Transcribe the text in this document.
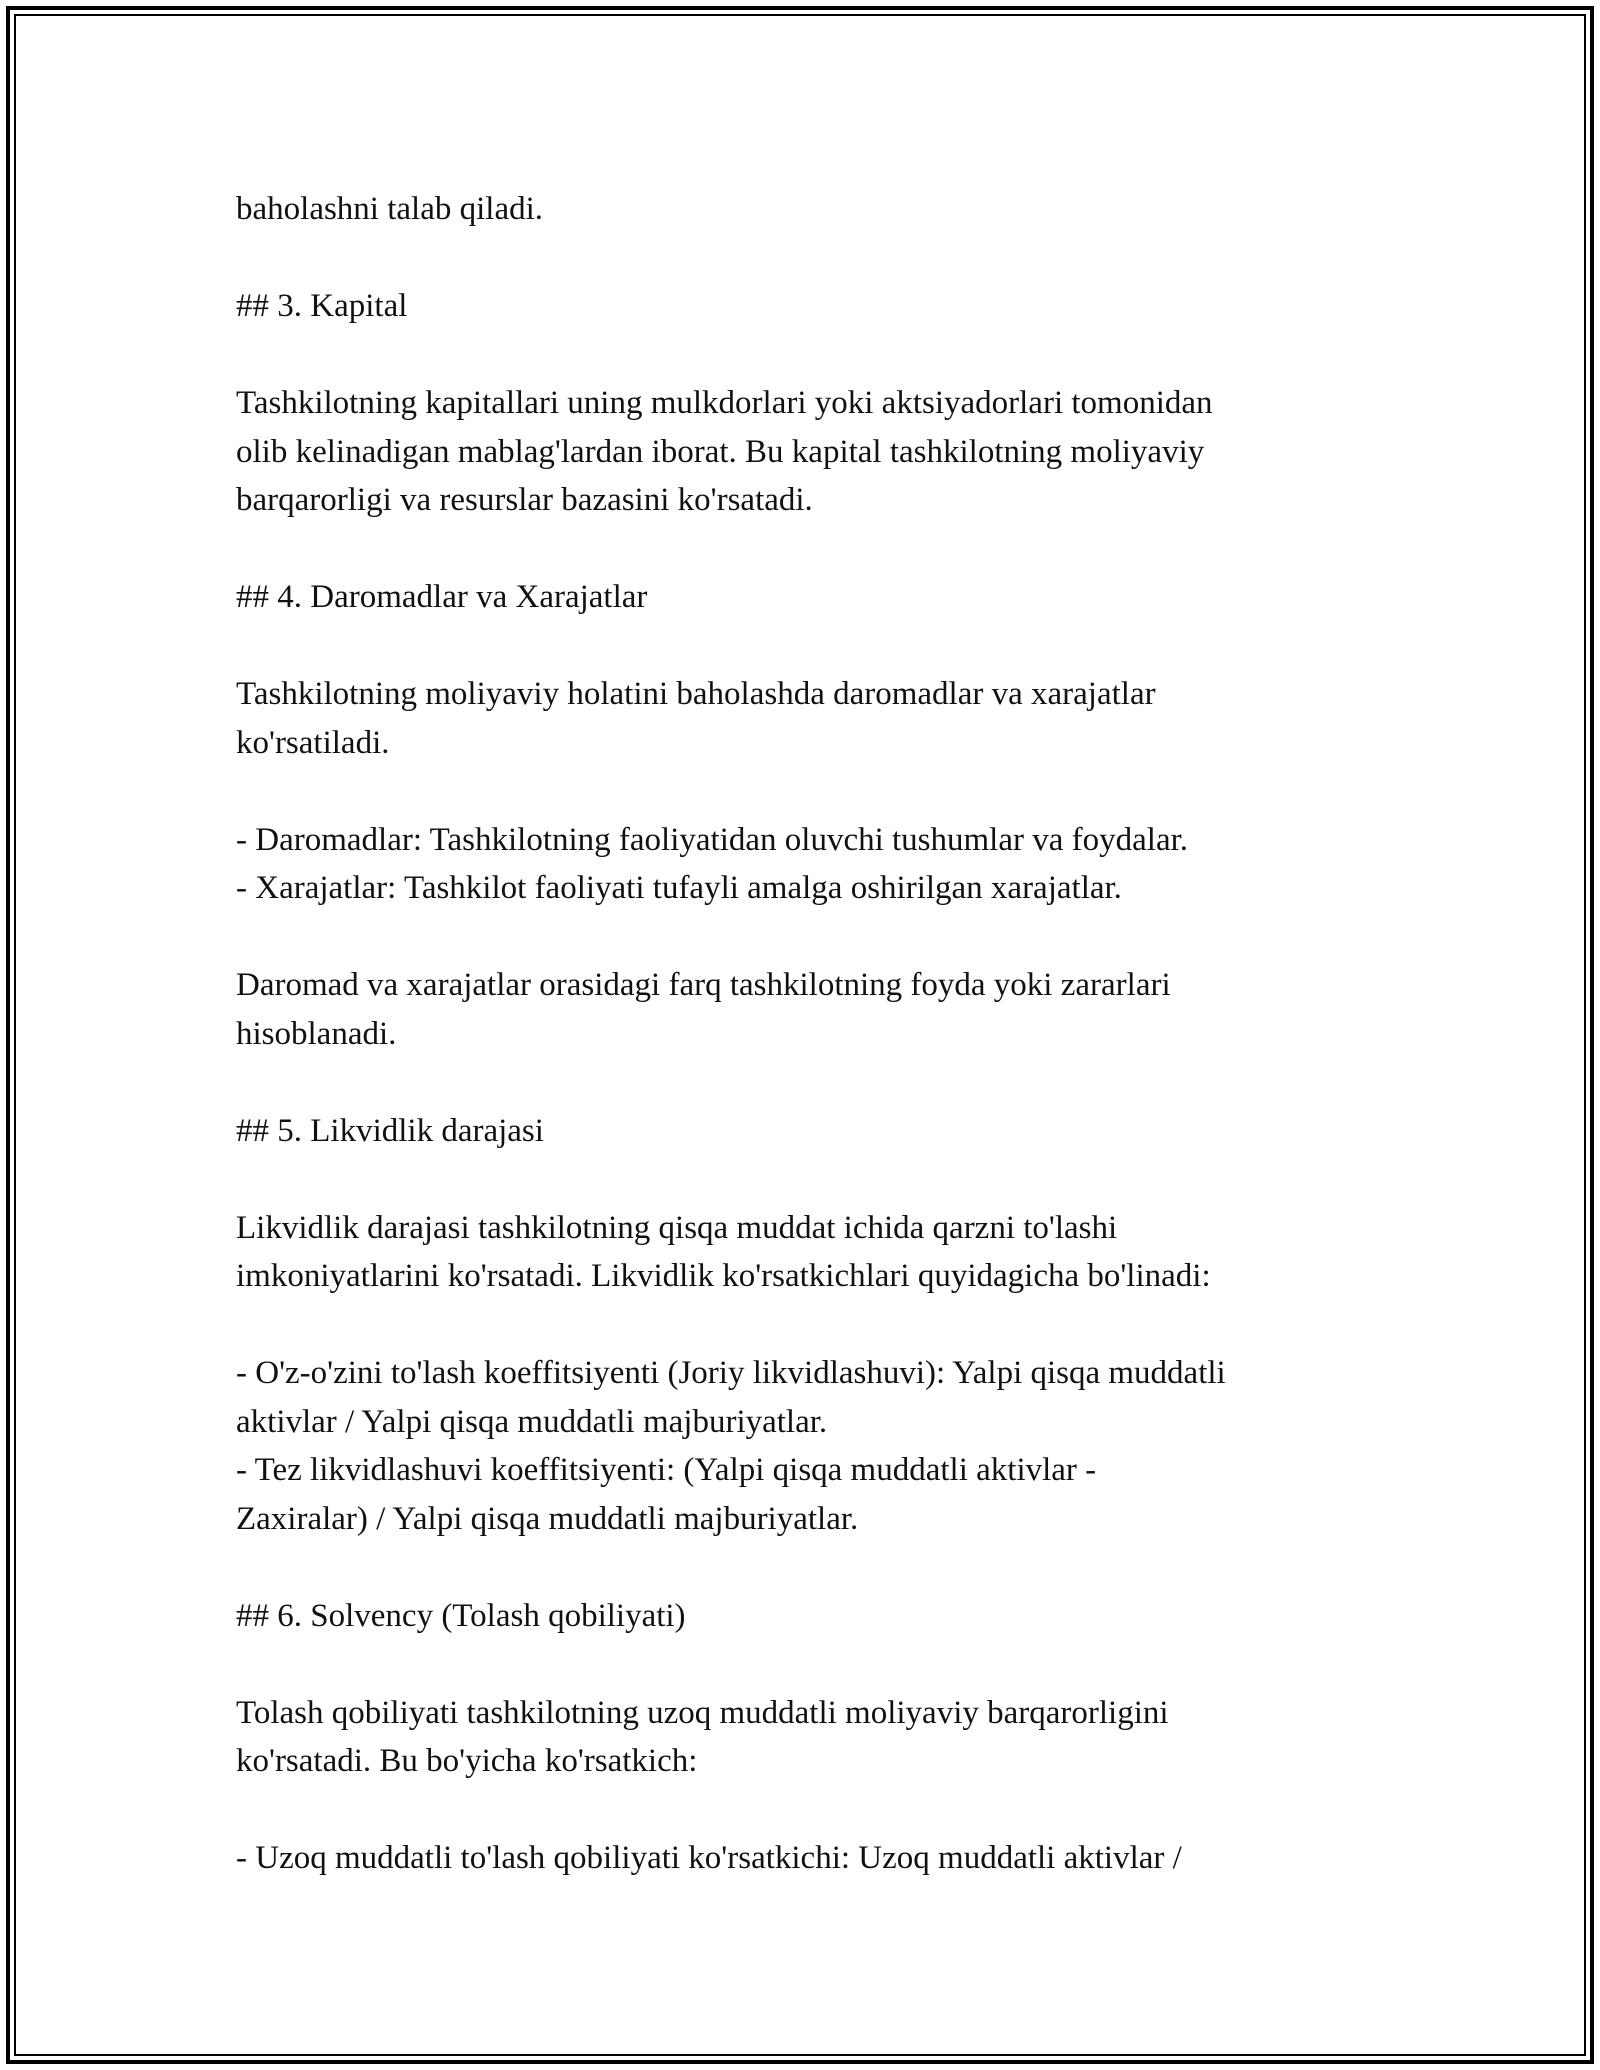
baholashni talab qiladi.

## 3. Kapital

Tashkilotning kapitallari uning mulkdorlari yoki aktsiyadorlari tomonidan

olib kelinadigan mablag'lardan iborat. Bu kapital tashkilotning moliyaviy

barqarorligi va resurslar bazasini ko'rsatadi.

## 4. Daromadlar va Xarajatlar

Tashkilotning moliyaviy holatini baholashda daromadlar va xarajatlar

ko'rsatiladi.

- Daromadlar: Tashkilotning faoliyatidan oluvchi tushumlar va foydalar.

- Xarajatlar: Tashkilot faoliyati tufayli amalga oshirilgan xarajatlar.

Daromad va xarajatlar orasidagi farq tashkilotning foyda yoki zararlari

hisoblanadi.

## 5. Likvidlik darajasi

Likvidlik darajasi tashkilotning qisqa muddat ichida qarzni to'lashi

imkoniyatlarini ko'rsatadi. Likvidlik ko'rsatkichlari quyidagicha bo'linadi:

- O'z-o'zini to'lash koeffitsiyenti (Joriy likvidlashuvi): Yalpi qisqa muddatli

aktivlar / Yalpi qisqa muddatli majburiyatlar.

- Tez likvidlashuvi koeffitsiyenti: (Yalpi qisqa muddatli aktivlar -

Zaxiralar) / Yalpi qisqa muddatli majburiyatlar.

## 6. Solvency (Tolash qobiliyati)

Tolash qobiliyati tashkilotning uzoq muddatli moliyaviy barqarorligini

ko'rsatadi. Bu bo'yicha ko'rsatkich:

- Uzoq muddatli to'lash qobiliyati ko'rsatkichi: Uzoq muddatli aktivlar /
